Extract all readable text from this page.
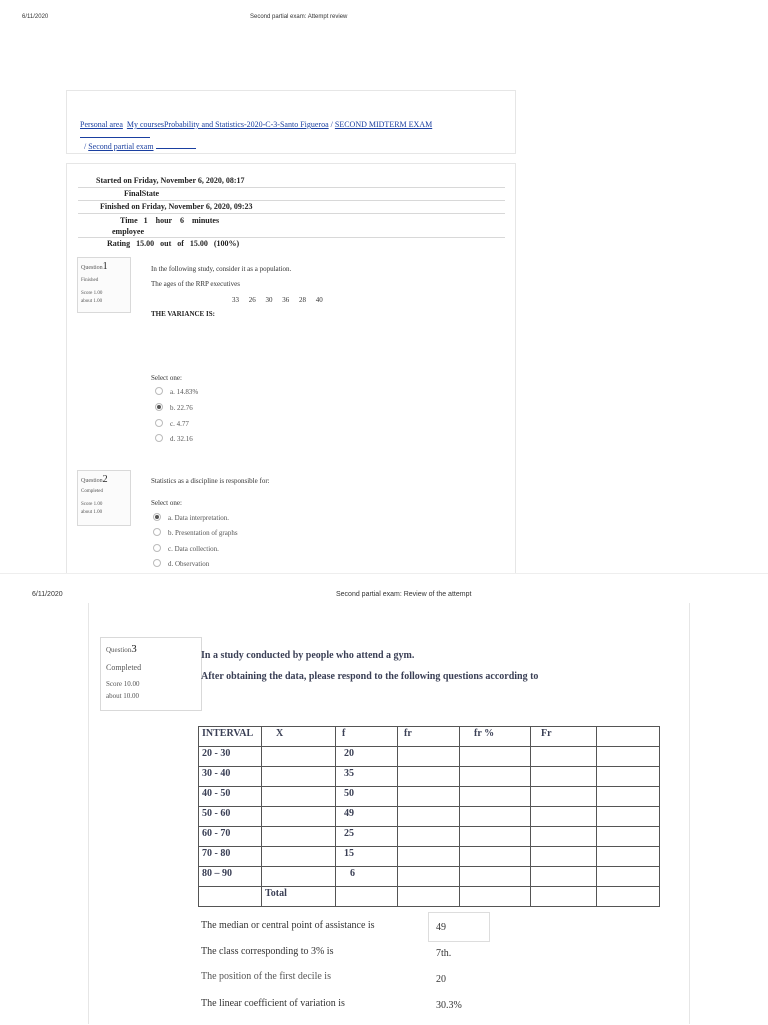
6/11/2020	Second partial exam: Attempt review
Personal area My coursesProbability and Statistics-2020-C-3-Santo Figueroa / SECOND MIDTERM EXAM
/ Second partial exam
Started on Friday, November 6, 2020, 08:17
FinalState
Finished on Friday, November 6, 2020, 09:23
Time 1 hour 6 minutes
employee
Rating 15.00 out of 15.00 (100%)
Question1
Finished
Score 1.00
about 1.00
In the following study, consider it as a population.
The ages of the RRP executives
33 26 30 36 28 40
THE VARIANCE IS:
Select one:
a. 14.83%
b. 22.76
c. 4.77
d. 32.16
Question2
Completed
Score 1.00
about 1.00
Statistics as a discipline is responsible for:
Select one:
a. Data interpretation.
b. Presentation of graphs
c. Data collection.
d. Observation
6/11/2020	Second partial exam: Review of the attempt
Question3
Completed
Score 10.00
about 10.00
In a study conducted by people who attend a gym.
After obtaining the data, please respond to the following questions according to
INTERVAL	X	f	fr	fr %	Fr	
20 - 30		20				
30 - 40		35				
40 - 50		50				
50 - 60		49				
60 - 70		25				
70 - 80		15				
80 – 90		6				
	Total					
The median or central point of assistance is	49
The class corresponding to 3% is	7th.
The position of the first decile is	20
The linear coefficient of variation is	30.3%
